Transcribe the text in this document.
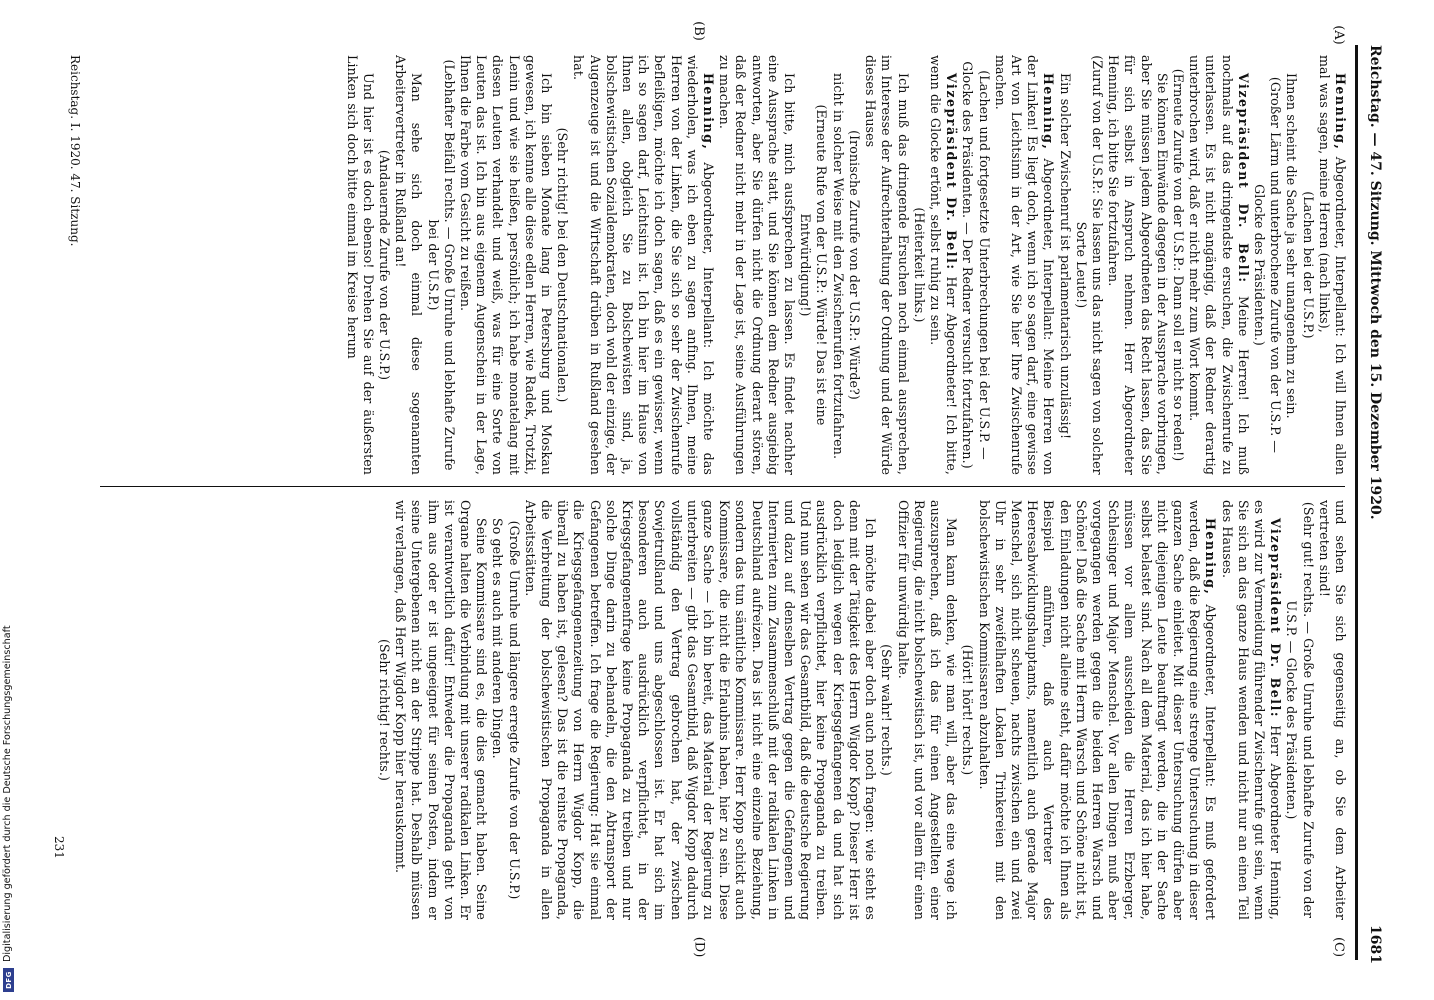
Reichstag. — 47. Sitzung. Mittwoch den 15. Dezember 1920.
1681
(A)
(B)
(C)
(D)

Henning, Abgeordneter, Interpellant: Ich will Ihnen allen mal was sagen, meine Herren (nach links),

(Lachen bei der U.S.P.)

Ihnen scheint die Sache ja sehr unangenehm zu sein.

(Großer Lärm und unterbrochene Zurufe von der U.S.P. — Glocke des Präsidenten.)

Vizepräsident Dr. Bell: Meine Herren! Ich muß nochmals auf das dringendste ersuchen, die Zwischenrufe zu unterlassen. Es ist nicht angängig, daß der Redner derartig unterbrochen wird, daß er nicht mehr zum Wort kommt.

(Erneute Zurufe von der U.S.P.: Dann soll er nicht so reden!)

Sie können Einwände dagegen in der Aussprache vorbringen, aber Sie müssen jedem Abgeordneten das Recht lassen, das Sie für sich selbst in Anspruch nehmen. Herr Abgeordneter Henning, ich bitte Sie fortzufahren.

(Zuruf von der U.S.P.: Sie lassen uns das nicht sagen von solcher Sorte Leute!)

Ein solcher Zwischenruf ist parlamentarisch unzulässig!

Henning, Abgeordneter, Interpellant: Meine Herren von der Linken! Es liegt doch, wenn ich so sagen darf, eine gewisse Art von Leichtsinn in der Art, wie Sie hier Ihre Zwischenrufe machen.

(Lachen und fortgesetzte Unterbrechungen bei der U.S.P. — Glocke des Präsidenten. — Der Redner versucht fortzufahren.)

Vizepräsident Dr. Bell: Herr Abgeordneter! Ich bitte, wenn die Glocke ertönt, selbst ruhig zu sein.

(Heiterkeit links.)

Ich muß das dringende Ersuchen noch einmal aussprechen, im Interesse der Aufrechterhaltung der Ordnung und der Würde dieses Hauses

(Ironische Zurufe von der U.S.P.: Würde?)

nicht in solcher Weise mit den Zwischenrufen fortzufahren.

(Erneute Rufe von der U.S.P.: Würde! Das ist eine Entwürdigung!)

Ich bitte, mich ausfsprechen zu lassen. Es findet nachher eine Aussprache statt, und Sie können dem Redner ausgiebig antworten, aber Sie dürfen nicht die Ordnung derart stören, daß der Redner nicht mehr in der Lage ist, seine Ausführungen zu machen.

Henning, Abgeordneter, Interpellant: Ich möchte das wiederholen, was ich eben zu sagen anfing. Ihnen, meine Herren von der Linken, die Sie sich so sehr der Zwischenrufe befleißigen, möchte ich doch sagen, daß es ein gewisser, wenn ich so sagen darf, Leichtsinn ist. Ich bin hier im Hause von Ihnen allen, obgleich Sie zu Bolschewisten sind, ja, bolschewistischen Sozialdemokraten, doch wohl der einzige, der Augenzeuge ist und die Wirtschaft drüben in Rußland gesehen hat.

(Sehr richtig! bei den Deutschnationalen.)

Ich bin sieben Monate lang in Petersburg und Moskau gewesen, ich kenne alle diese edlen Herren, wie Radek, Trotzki, Lenin und wie sie heißen, persönlich; ich habe monatelang mit diesen Leuten verhandelt und weiß, was für eine Sorte von Leuten das ist. Ich bin aus eigenem Augenschein in der Lage, Ihnen die Farbe vom Gesicht zu reißen.

(Lebhafter Beifall rechts. — Große Unruhe und lebhafte Zurufe bei der U.S.P.)

Man sehe sich doch einmal diese sogenannten Arbeitervertreter in Rußland an!

(Andauernde Zurufe von der U.S.P.)

Und hier ist es doch ebenso! Drehen Sie auf der äußersten Linken sich doch bitte einmal im Kreise herum

Reichstag. I. 1920. 47. Sitzung.

und sehen Sie sich gegenseitig an, ob Sie dem Arbeiter vertreten sind!

(Sehr gut! rechts. — Große Unruhe und lebhafte Zurufe von der U.S.P. — Glocke des Präsidenten.)

Vizepräsident Dr. Bell: Herr Abgeordneter Henning, es wird zur Vermeidung führender Zwischenrufe gut sein, wenn Sie sich an das ganze Haus wenden und nicht nur an einen Teil des Hauses.

Henning, Abgeordneter, Interpellant: Es muß gefordert werden, daß die Regierung eine strenge Untersuchung in dieser ganzen Sache einleitet. Mit dieser Untersuchung dürfen aber nicht diejenigen Leute beauftragt werden, die in der Sache selbst belastet sind. Nach all dem Material, das ich hier habe, müssen vor allem ausscheiden die Herren Erzberger, Schlesinger und Major Menschel. Vor allen Dingen muß aber vorgegangen werden gegen die beiden Herren Warsch und Schöne! Daß die Sache mit Herrn Warsch und Schöne nicht ist, den Einladungen nicht alleine steht, dafür möchte ich Ihnen als Beispiel anführen, daß auch Vertreter des Heeresabwicklungshauptamts, namentlich auch gerade Major Menschel, sich nicht scheuen, nachts zwischen ein und zwei Uhr in sehr zweifelhaften Lokalen Trinkereien mit den bolschewistischen Kommissaren abzuhalten.

(Hört! hört! rechts.)

Man kann denken, wie man will, aber das eine wage ich auszusprechen, daß ich das für einen Angestellten einer Regierung, die nicht bolschewistisch ist, und vor allem für einen Offizier für unwürdig halte.

(Sehr wahr! rechts.)

Ich möchte dabei aber doch auch noch fragen: wie steht es denn mit der Tätigkeit des Herrn Wigdor Kopp? Dieser Herr ist doch lediglich wegen der Kriegsgefangenen da und hat sich ausdrücklich verpflichtet, hier keine Propaganda zu treiben. Und nun sehen wir das Gesamtbild, daß die deutsche Regierung und dazu auf denselben Vertrag gegen die Gefangenen und Internierten zum Zusammenschluß mit der radikalen Linken in Deutschland aufreizen. Das ist nicht eine einzelne Beziehung, sondern das tun sämtliche Kommissare. Herr Kopp schickt auch Kommissare, die nicht die Erlaubnis haben, hier zu sein. Diese ganze Sache — ich bin bereit, das Material der Regierung zu unterbreiten — gibt das Gesamtbild, daß Wigdor Kopp dadurch vollständig den Vertrag gebrochen hat, der zwischen Sowjetrußland und uns abgeschlossen ist. Er hat sich im besonderen auch ausdrücklich verpflichtet, in der Kriegsgefangenenfrage keine Propaganda zu treiben und nur solche Dinge darin zu behandeln, die den Abtransport der Gefangenen betreffen. Ich frage die Regierung: Hat sie einmal die Kriegsgefangenenzeitung von Herrn Wigdor Kopp, die überall zu haben ist, gelesen? Das ist die reinste Propaganda, die Verbreitung der bolschewistischen Propaganda in allen Arbeitsstätten.

(Große Unruhe und längere erregte Zurufe von der U.S.P.)

So geht es auch mit anderen Dingen.

Seine Kommissare sind es, die dies gemacht haben. Seine Organe halten die Verbindung mit unserer radikalen Linken. Er ist verantwortlich dafür! Entweder die Propaganda geht von ihm aus oder er ist ungeeignet für seinen Posten, indem er seine Untergebenen nicht an der Strippe hat. Deshalb müssen wir verlangen, daß Herr Wigdor Kopp hier herauskommt.

(Sehr richtig! rechts.)

231
Digitalisierung gefördert durch die Deutsche Forschungsgemeinschaft
DFG
